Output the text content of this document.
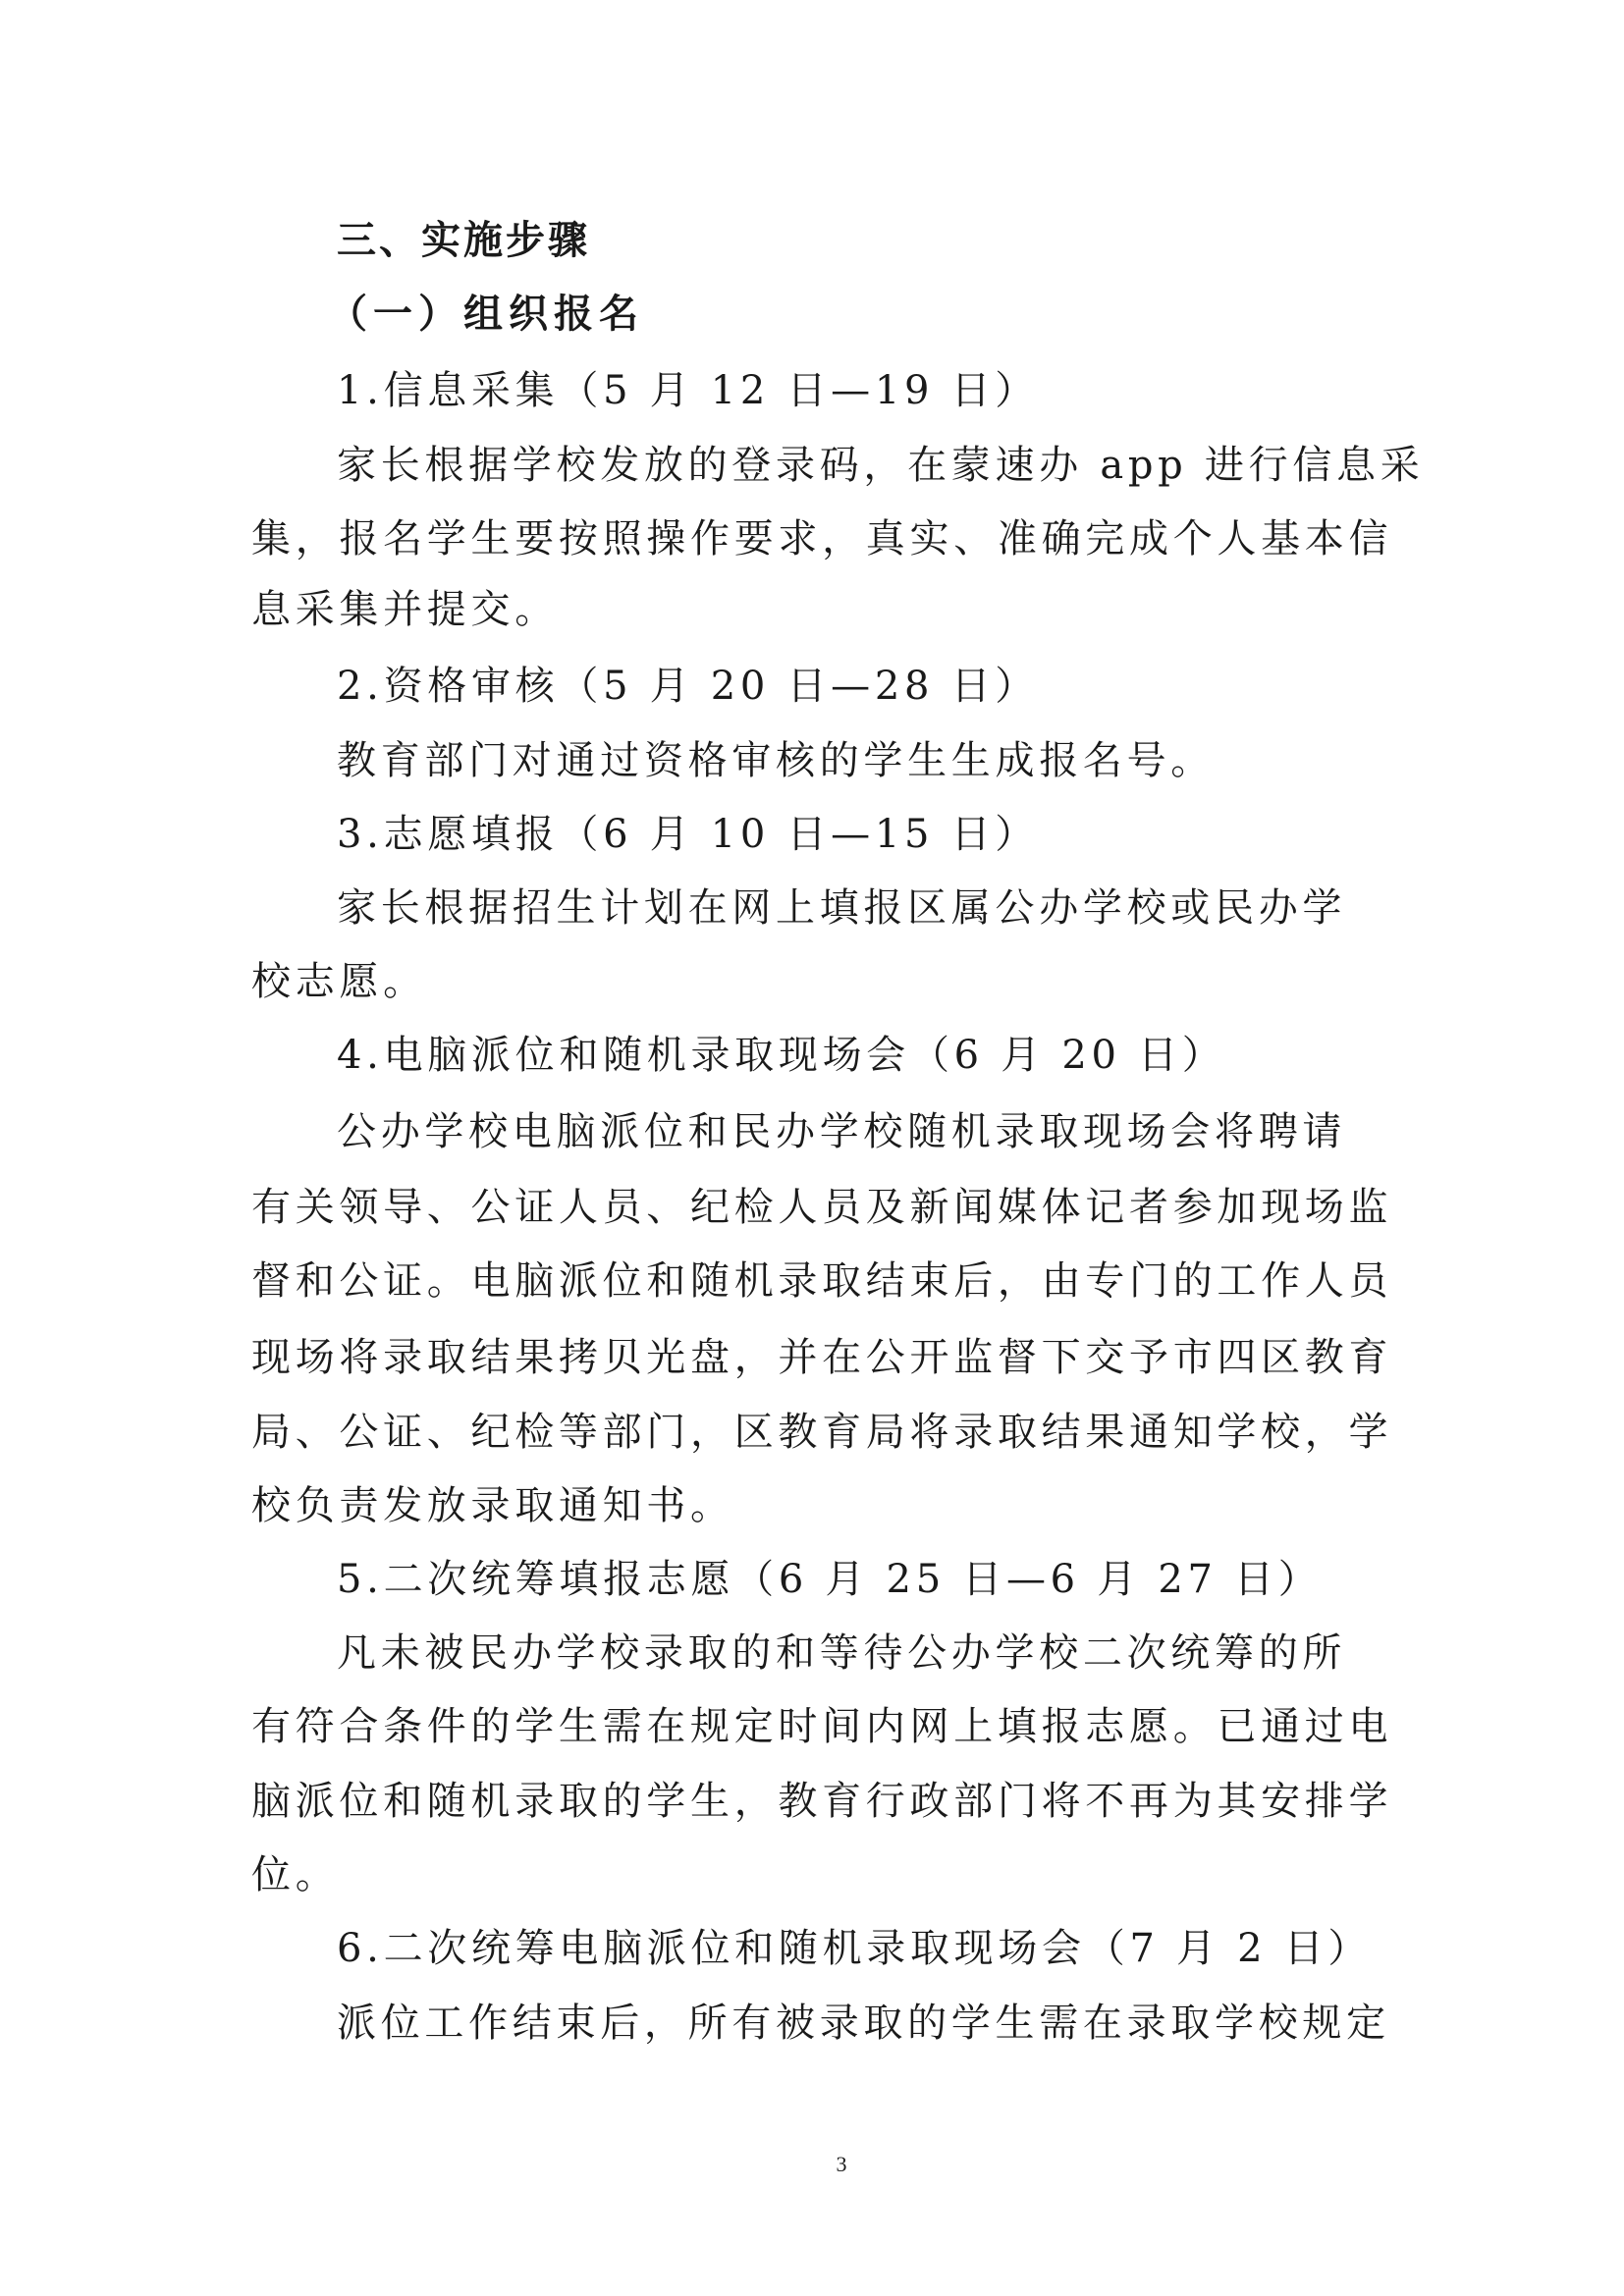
三、实施步骤
（一）组织报名
1.信息采集（5 月 12 日—19 日）
家长根据学校发放的登录码，在蒙速办 app 进行信息采
集，报名学生要按照操作要求，真实、准确完成个人基本信
息采集并提交。
2.资格审核（5 月 20 日—28 日）
教育部门对通过资格审核的学生生成报名号。
3.志愿填报（6 月 10 日—15 日）
家长根据招生计划在网上填报区属公办学校或民办学
校志愿。
4.电脑派位和随机录取现场会（6 月 20 日）
公办学校电脑派位和民办学校随机录取现场会将聘请
有关领导、公证人员、纪检人员及新闻媒体记者参加现场监
督和公证。电脑派位和随机录取结束后，由专门的工作人员
现场将录取结果拷贝光盘，并在公开监督下交予市四区教育
局、公证、纪检等部门，区教育局将录取结果通知学校，学
校负责发放录取通知书。
5.二次统筹填报志愿（6 月 25 日—6 月 27 日）
凡未被民办学校录取的和等待公办学校二次统筹的所
有符合条件的学生需在规定时间内网上填报志愿。已通过电
脑派位和随机录取的学生，教育行政部门将不再为其安排学
位。
6.二次统筹电脑派位和随机录取现场会（7 月 2 日）
派位工作结束后，所有被录取的学生需在录取学校规定
3
